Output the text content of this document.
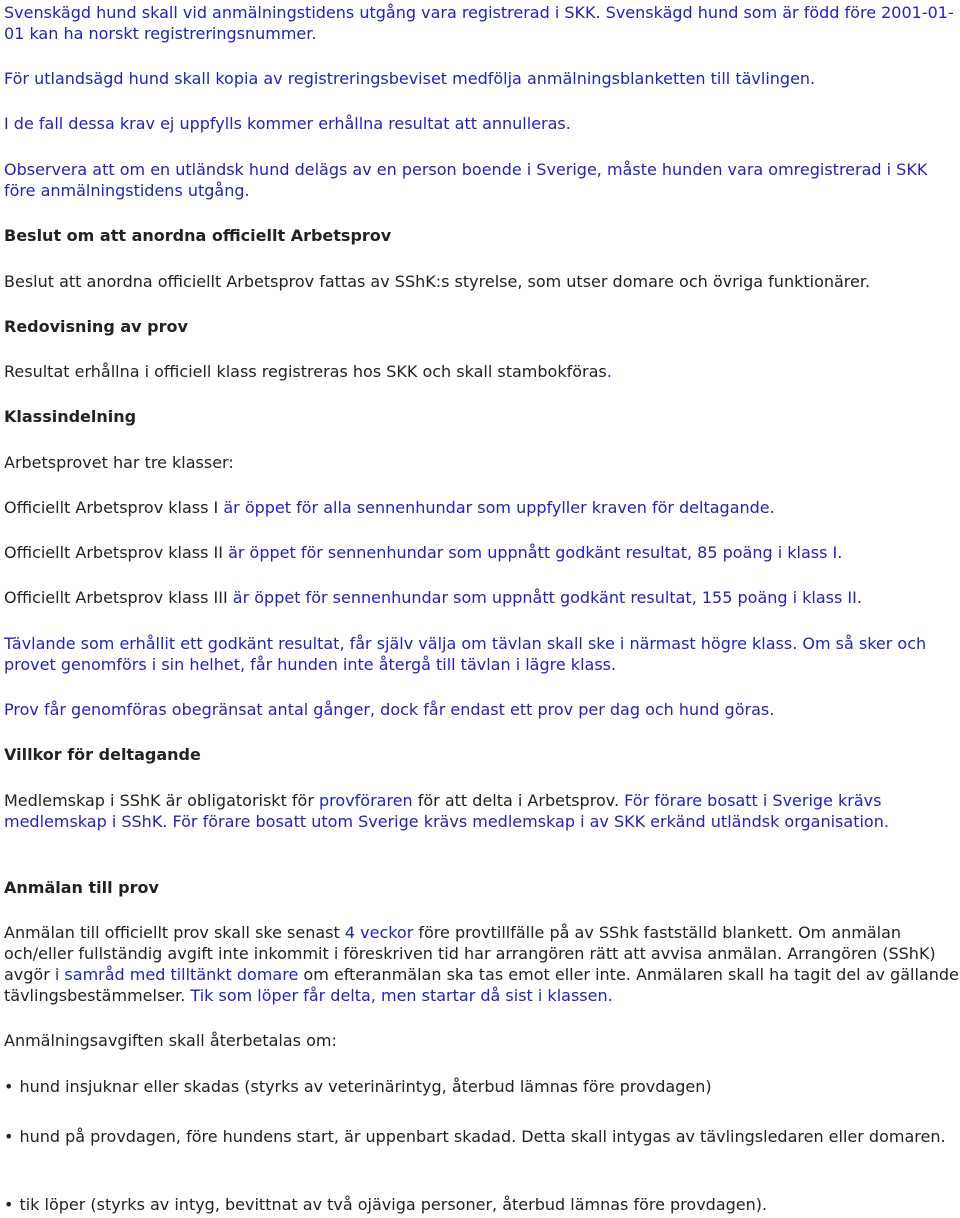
Svenskägd hund skall vid anmälningstidens utgång vara registrerad i SKK. Svenskägd hund som är född före 2001-01-01 kan ha norskt registreringsnummer.

För utlandsägd hund skall kopia av registreringsbeviset medfölja anmälningsblanketten till tävlingen.

I de fall dessa krav ej uppfylls kommer erhållna resultat att annulleras.

Observera att om en utländsk hund delägs av en person boende i Sverige, måste hunden vara omregistrerad i SKK före anmälningstidens utgång.

Beslut om att anordna officiellt Arbetsprov

Beslut att anordna officiellt Arbetsprov fattas av SShK:s styrelse, som utser domare och övriga funktionärer.

Redovisning av prov

Resultat erhållna i officiell klass registreras hos SKK och skall stambokföras.

Klassindelning

Arbetsprovet har tre klasser:

Officiellt Arbetsprov klass I är öppet för alla sennenhundar som uppfyller kraven för deltagande.

Officiellt Arbetsprov klass II är öppet för sennenhundar som uppnått godkänt resultat, 85 poäng i klass I.

Officiellt Arbetsprov klass III är öppet för sennenhundar som uppnått godkänt resultat, 155 poäng i klass II.

Tävlande som erhållit ett godkänt resultat, får själv välja om tävlan skall ske i närmast högre klass. Om så sker och provet genomförs i sin helhet, får hunden inte återgå till tävlan i lägre klass.

Prov får genomföras obegränsat antal gånger, dock får endast ett prov per dag och hund göras.

Villkor för deltagande

Medlemskap i SShK är obligatoriskt för provföraren för att delta i Arbetsprov. För förare bosatt i Sverige krävs medlemskap i SShK. För förare bosatt utom Sverige krävs medlemskap i av SKK erkänd utländsk organisation.

Anmälan till prov

Anmälan till officiellt prov skall ske senast 4 veckor före provtillfälle på av SShk fastställd blankett. Om anmälan och/eller fullständig avgift inte inkommit i föreskriven tid har arrangören rätt att avvisa anmälan. Arrangören (SShK) avgör i samråd med tilltänkt domare om efteranmälan ska tas emot eller inte. Anmälaren skall ha tagit del av gällande tävlingsbestämmelser. Tik som löper får delta, men startar då sist i klassen.

Anmälningsavgiften skall återbetalas om:

• hund insjuknar eller skadas (styrks av veterinärintyg, återbud lämnas före provdagen)

• hund på provdagen, före hundens start, är uppenbart skadad. Detta skall intygas av tävlingsledaren eller domaren.

• tik löper (styrks av intyg, bevittnat av två ojäviga personer, återbud lämnas före provdagen).
